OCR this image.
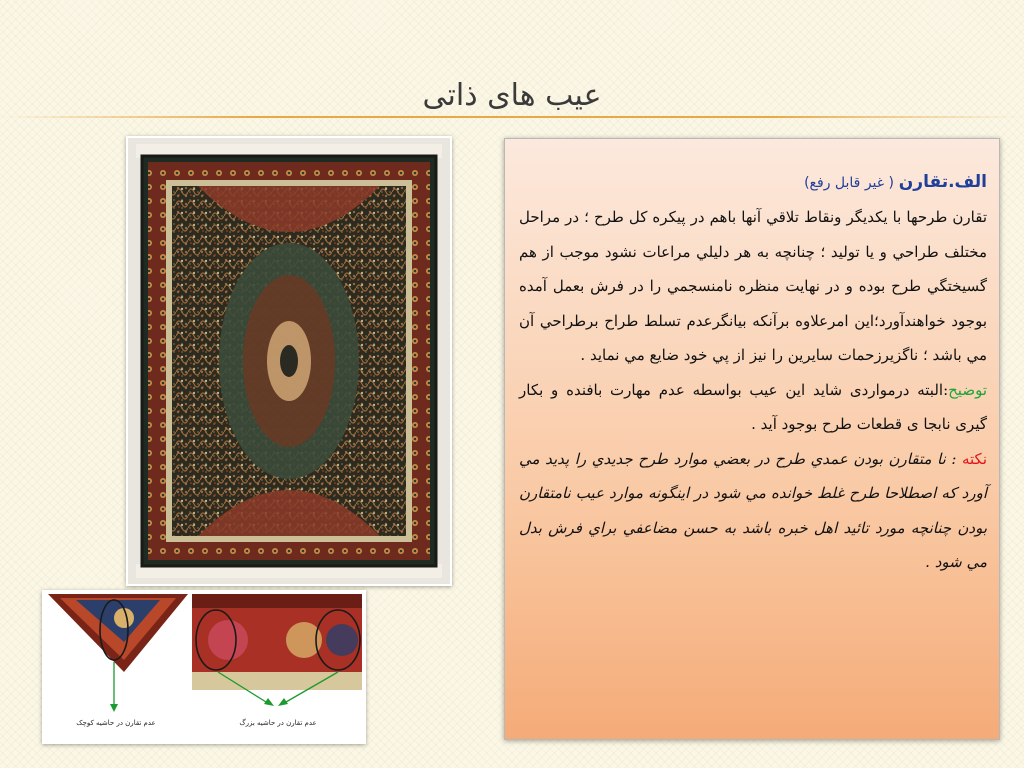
عیب های ذاتی
عدم تقارن در حاشیه کوچک	عدم تقارن در حاشیه بزرگ

الف.تقارن ( غیر قابل رفع)

تقارن طرحها با يكديگر ونقاط تلاقي آنها باهم در پيكره كل طرح ؛ در مراحل مختلف طراحي و يا توليد ؛ چنانچه به هر دليلي مراعات نشود موجب از هم گسيختگي طرح بوده و در نهايت منظره نامنسجمي را در فرش بعمل آمده بوجود خواهندآورد؛اين امرعلاوه برآنكه بيانگرعدم تسلط طراح برطراحي آن مي باشد ؛ ناگزيرزحمات سايرين را نيز از پي خود ضايع مي نمايد .

توضیح:البته درمواردی شاید این عیب بواسطه عدم مهارت بافنده و بکار گیری نابجا ی قطعات طرح بوجود آید .

نکته : نا متقارن بودن عمدي طرح در بعضي موارد طرح جديدي را پديد مي آورد كه اصطلاحا طرح غلط خوانده مي شود در اینگونه موارد عیب نامتقارن بودن چنانچه مورد تائید اهل خبره باشد به حسن مضاعفي براي فرش بدل مي شود .
